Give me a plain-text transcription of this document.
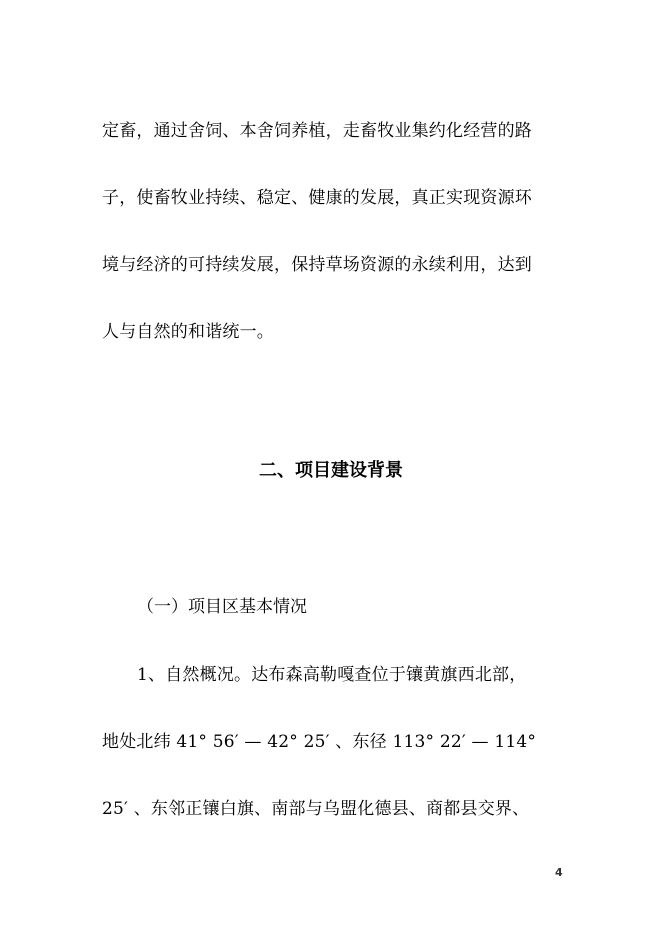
定畜，通过舍饲、本舍饲养植，走畜牧业集约化经营的路
子，使畜牧业持续、稳定、健康的发展，真正实现资源环
境与经济的可持续发展，保持草场资源的永续利用，达到
人与自然的和谐统一。
二、项目建设背景
（一）项目区基本情况
1、自然概况。达布森高勒嘎查位于镶黄旗西北部，
地处北纬 41° 56′ — 42° 25′ 、东径 113° 22′ — 114°
25′ 、东邻正镶白旗、南部与乌盟化德县、商都县交界、
4
